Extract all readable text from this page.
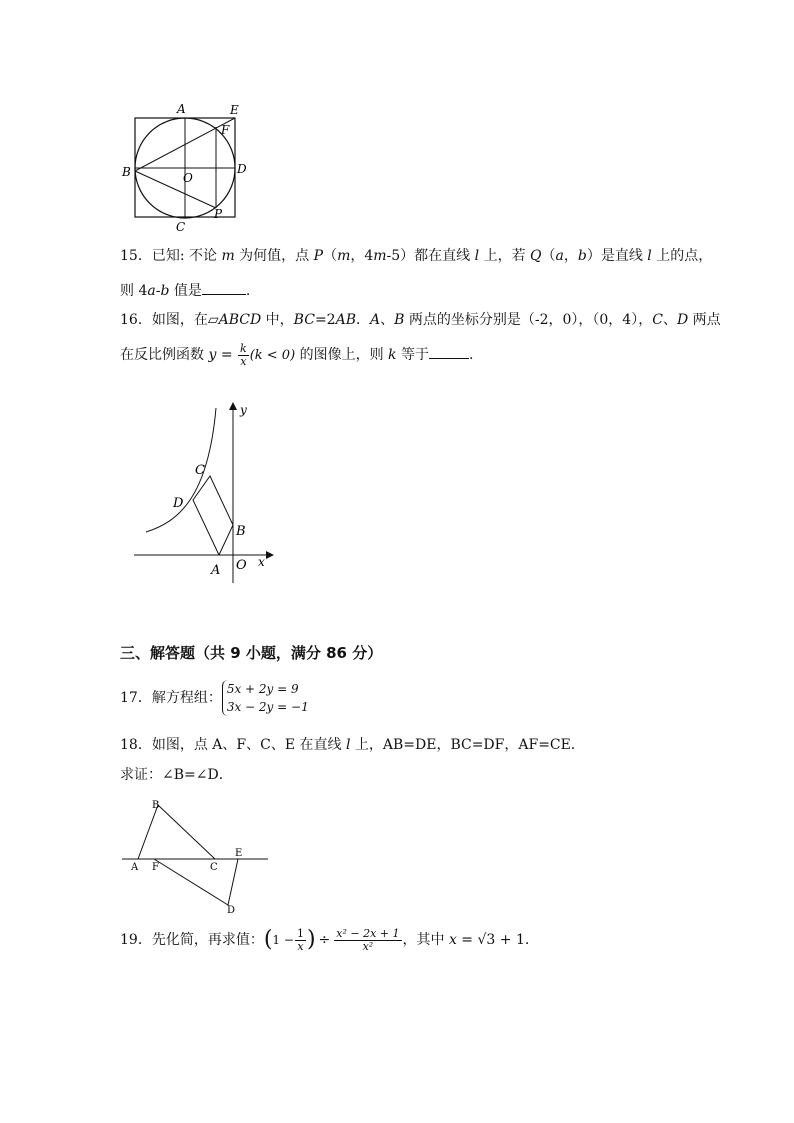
A	E
F
B	O
D
C
P
15．已知: 不论 m 为何值，点 P（m，4m-5）都在直线 l 上，若 Q（a，b）是直线 l 上的点，
则 4a-b 值是	.
16．如图，在▱ABCD 中，BC=2AB．A、B 两点的坐标分别是（-2，0），（0，4），C、D 两点
在反比例函数 $y = \frac{k}{x} (k < 0)$ 的图像上，则 k 等于	.
y
C
D
B
A O x
三、解答题（共 9 小题，满分 86 分）
17．解方程组：
5x + 2y = 9
3x − 2y = −1
18．如图，点 A、F、C、E 在直线 l 上，AB=DE，BC=DF，AF=CE．
求证：∠B=∠D．
B
A F	C
E
D
19．先化简，再求值：($1 - \frac{1}{x}$ ) ÷ $\frac{\text{x² − 2x + 1}}{\text{x²}}$ ，其中 x = √3 + 1.
